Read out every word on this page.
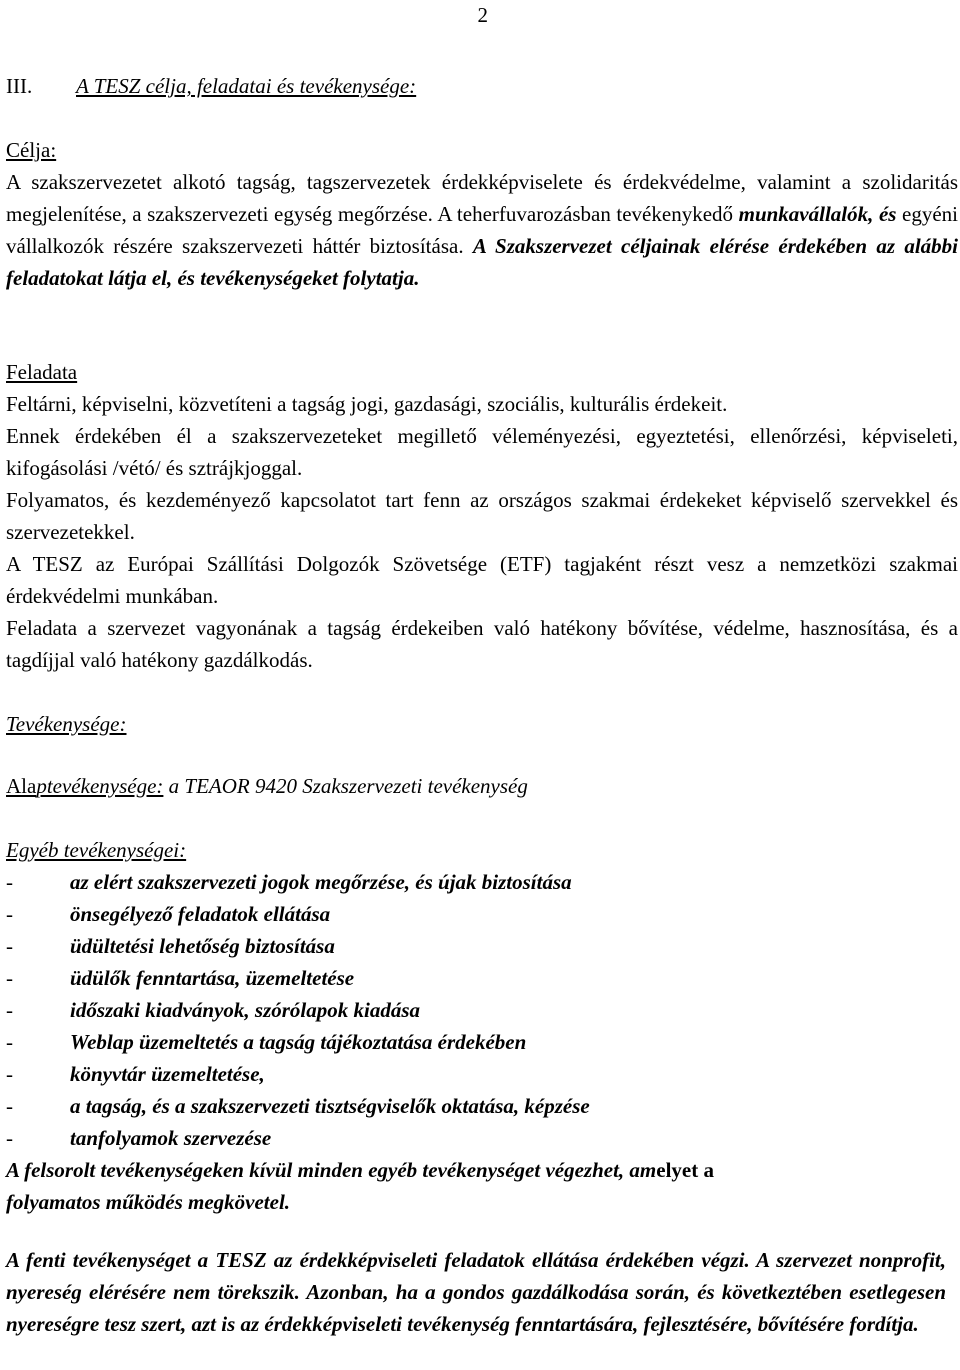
2
III. A TESZ célja, feladatai és tevékenysége:
Célja:
A szakszervezetet alkotó tagság, tagszervezetek érdekképviselete és érdekvédelme, valamint a szolidaritás megjelenítése, a szakszervezeti egység megőrzése. A teherfuvarozásban tevékenykedő munkavállalók, és egyéni vállalkozók részére szakszervezeti háttér biztosítása. A Szakszervezet céljainak elérése érdekében az alábbi feladatokat látja el, és tevékenységeket folytatja.
Feladata
Feltárni, képviselni, közvetíteni a tagság jogi, gazdasági, szociális, kulturális érdekeit.
Ennek érdekében él a szakszervezeteket megillető véleményezési, egyeztetési, ellenőrzési, képviseleti, kifogásolási /vétó/ és sztrájkjoggal.
Folyamatos, és kezdeményező kapcsolatot tart fenn az országos szakmai érdekeket képviselő szervekkel és szervezetekkel.
A TESZ az Európai Szállítási Dolgozók Szövetsége (ETF) tagjaként részt vesz a nemzetközi szakmai érdekvédelmi munkában.
Feladata a szervezet vagyonának a tagság érdekeiben való hatékony bővítése, védelme, hasznosítása, és a tagdíjjal való hatékony gazdálkodás.
Tevékenysége:
Alaptevékenysége: a TEAOR 9420 Szakszervezeti tevékenység
Egyéb tevékenységei:
-	az elért szakszervezeti jogok megőrzése, és újak biztosítása
-	önsegélyező feladatok ellátása
-	üdültetési lehetőség biztosítása
-	üdülők fenntartása, üzemeltetése
-	időszaki kiadványok, szórólapok kiadása
-	Weblap üzemeltetés a tagság tájékoztatása érdekében
-	könyvtár üzemeltetése,
-	a tagság, és a szakszervezeti tisztségviselők oktatása, képzése
-	tanfolyamok szervezése
A felsorolt tevékenységeken kívül minden egyéb tevékenységet végezhet, amelyet a
folyamatos működés megkövetel.
A fenti tevékenységet a TESZ az érdekképviseleti feladatok ellátása érdekében végzi. A szervezet nonprofit, nyereség elérésére nem törekszik. Azonban, ha a gondos gazdálkodása során, és következtében esetlegesen nyereségre tesz szert, azt is az érdekképviseleti tevékenység fenntartására, fejlesztésére, bővítésére fordítja.
